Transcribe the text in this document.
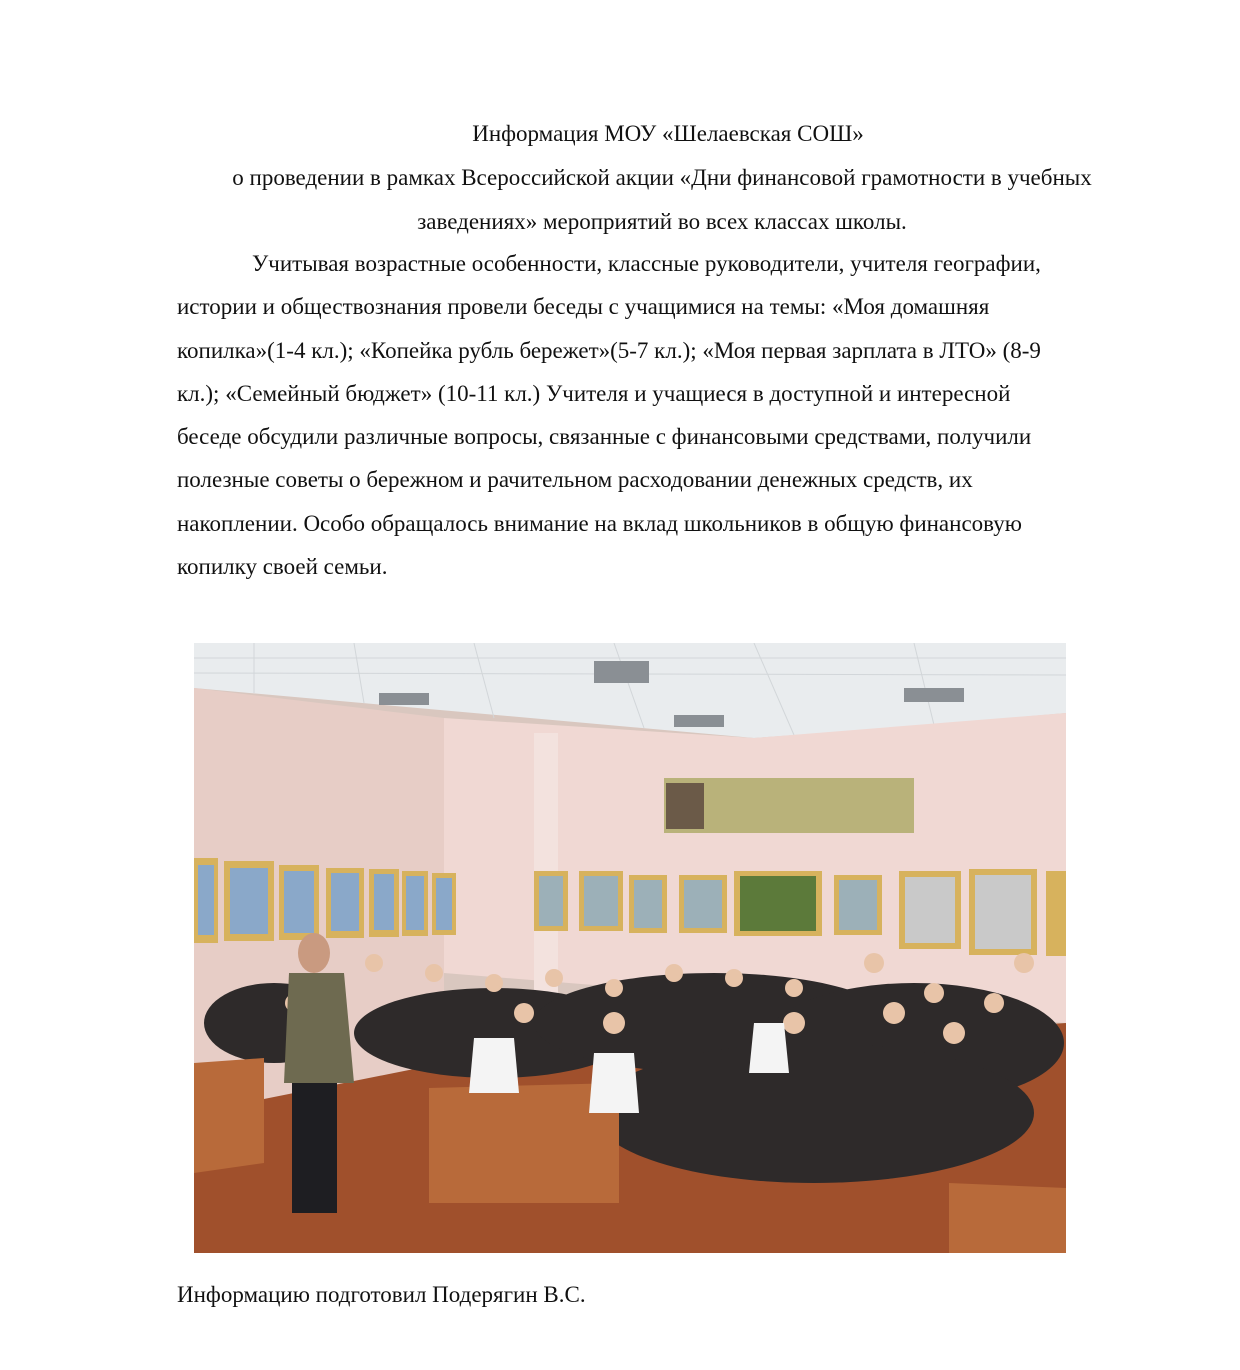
Информация МОУ «Шелаевская СОШ»
о проведении в рамках Всероссийской акции «Дни финансовой грамотности в учебных
заведениях» мероприятий во всех классах школы.
Учитывая возрастные особенности, классные руководители, учителя географии,
истории и обществознания провели беседы с учащимися на темы: «Моя домашняя
копилка»(1-4 кл.); «Копейка рубль бережет»(5-7 кл.); «Моя первая зарплата в ЛТО» (8-9
кл.); «Семейный бюджет» (10-11 кл.) Учителя и учащиеся в доступной и интересной
беседе обсудили различные вопросы, связанные с финансовыми средствами, получили
полезные советы о бережном и рачительном расходовании денежных средств, их
накоплении. Особо обращалось внимание на вклад школьников в общую финансовую
копилку своей семьи.
Информацию подготовил Подерягин В.С.
